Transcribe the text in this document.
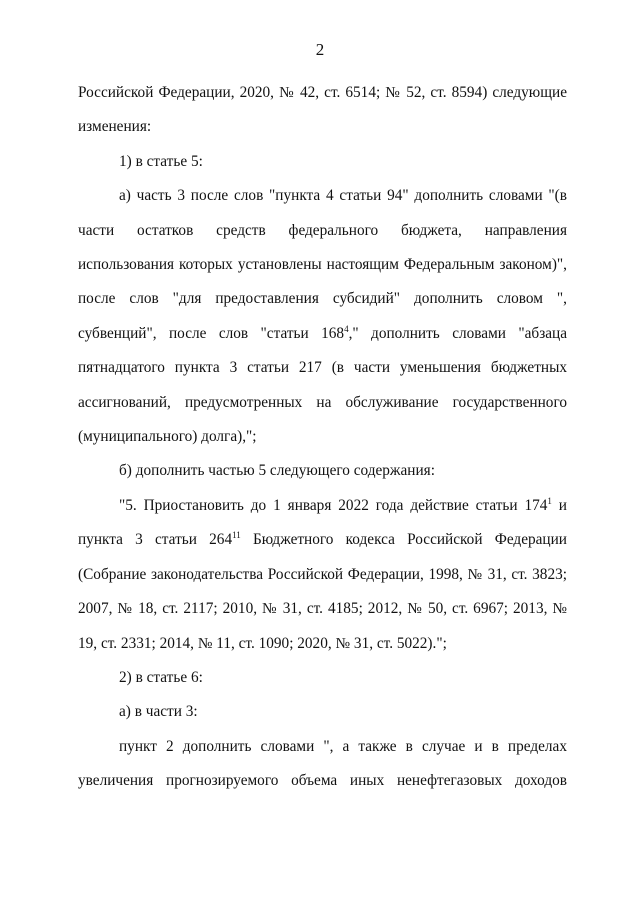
2

Российской Федерации, 2020, № 42, ст. 6514; № 52, ст. 8594) следующие изменения:

1) в статье 5:

а) часть 3 после слов "пункта 4 статьи 94" дополнить словами "(в части остатков средств федерального бюджета, направления использования которых установлены настоящим Федеральным законом)", после слов "для предоставления субсидий" дополнить словом ", субвенций", после слов "статьи $168^4$," дополнить словами "абзаца пятнадцатого пункта 3 статьи 217 (в части уменьшения бюджетных ассигнований, предусмотренных на обслуживание государственного (муниципального) долга),";

б) дополнить частью 5 следующего содержания:

"5. Приостановить до 1 января 2022 года действие статьи $174^1$ и пункта 3 статьи $264^{11}$ Бюджетного кодекса Российской Федерации (Собрание законодательства Российской Федерации, 1998, № 31, ст. 3823; 2007, № 18, ст. 2117; 2010, № 31, ст. 4185; 2012, № 50, ст. 6967; 2013, № 19, ст. 2331; 2014, № 11, ст. 1090; 2020, № 31, ст. 5022).";

2) в статье 6:

а) в части 3:

пункт 2 дополнить словами ", а также в случае и в пределах
увеличения прогнозируемого объема иных ненефтегазовых доходов
